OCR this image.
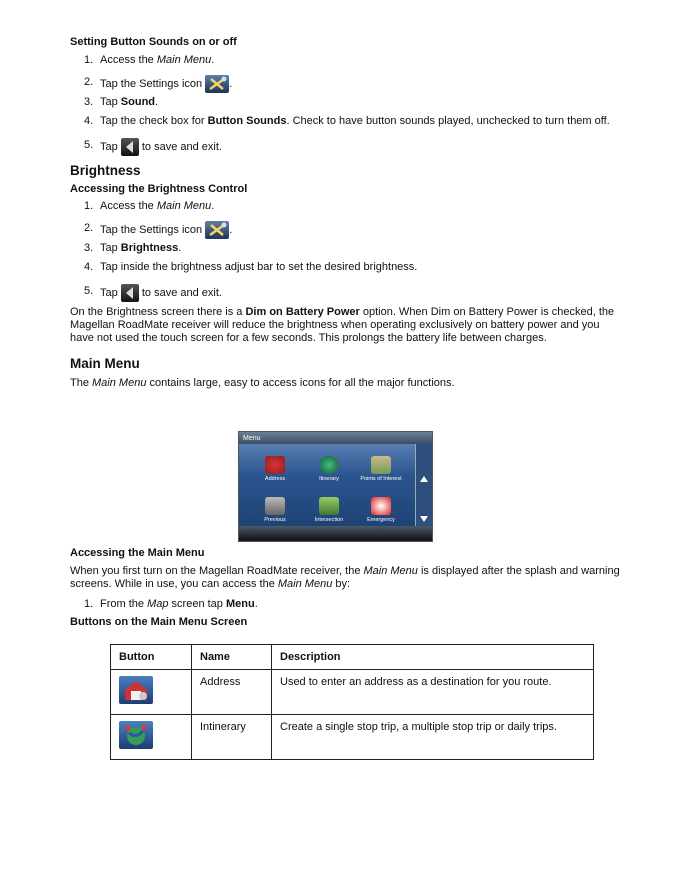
Setting Button Sounds on or off
1. Access the Main Menu.
2. Tap the Settings icon .
3. Tap Sound.
4. Tap the check box for Button Sounds. Check to have button sounds played, unchecked to turn them off.
5. Tap  to save and exit.
Brightness
Accessing the Brightness Control
1. Access the Main Menu.
2. Tap the Settings icon .
3. Tap Brightness.
4. Tap inside the brightness adjust bar to set the desired brightness.
5. Tap  to save and exit.

On the Brightness screen there is a Dim on Battery Power option. When Dim on Battery Power is checked, the Magellan RoadMate receiver will reduce the brightness when operating exclusively on battery power and you have not used the touch screen for a few seconds. This prolongs the battery life between charges.

Main Menu

The Main Menu contains large, easy to access icons for all the major functions.

Menu
Address	Itinerary	Points of Interest
Previous	Intersection	Emergency
Accessing the Main Menu

When you first turn on the Magellan RoadMate receiver, the Main Menu is displayed after the splash and warning screens. While in use, you can access the Main Menu by:

1. From the Map screen tap Menu.
Buttons on the Main Menu Screen
Button	Name	Description

	Address	Used to enter an address as a destination for you route.

	Intinerary	Create a single stop trip, a multiple stop trip or daily trips.
